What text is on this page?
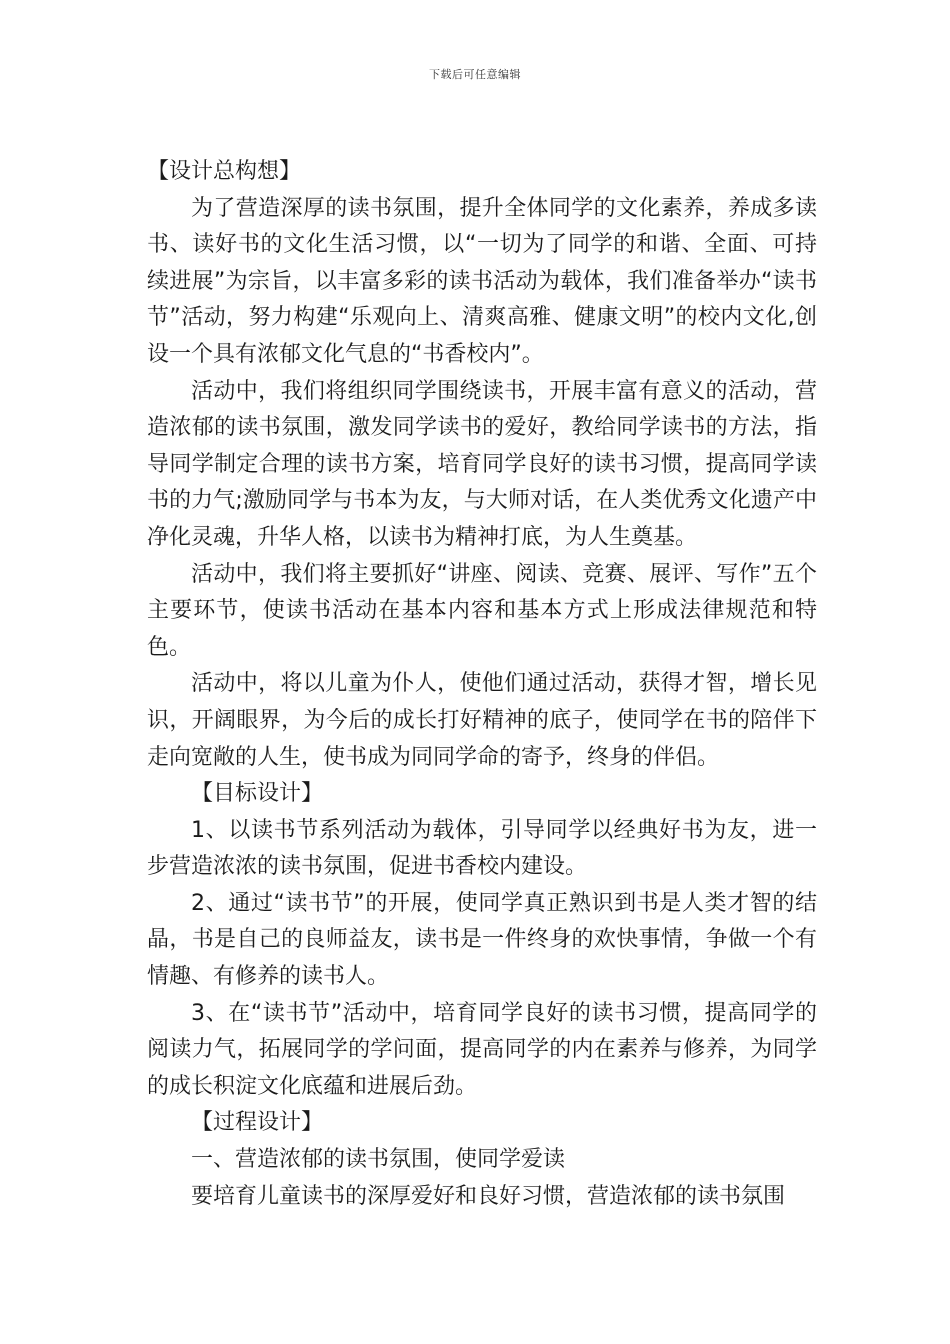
下载后可任意编辑

【设计总构想】

为了营造深厚的读书氛围，提升全体同学的文化素养，养成多读书、读好书的文化生活习惯，以“一切为了同学的和谐、全面、可持续进展”为宗旨，以丰富多彩的读书活动为载体，我们准备举办“读书节”活动，努力构建“乐观向上、清爽高雅、健康文明”的校内文化,创设一个具有浓郁文化气息的“书香校内”。

活动中，我们将组织同学围绕读书，开展丰富有意义的活动，营造浓郁的读书氛围，激发同学读书的爱好，教给同学读书的方法，指导同学制定合理的读书方案，培育同学良好的读书习惯，提高同学读书的力气;激励同学与书本为友，与大师对话，在人类优秀文化遗产中净化灵魂，升华人格，以读书为精神打底，为人生奠基。

活动中，我们将主要抓好“讲座、阅读、竞赛、展评、写作”五个主要环节，使读书活动在基本内容和基本方式上形成法律规范和特色。

活动中，将以儿童为仆人，使他们通过活动，获得才智，增长见识，开阔眼界，为今后的成长打好精神的底子，使同学在书的陪伴下走向宽敞的人生，使书成为同同学命的寄予，终身的伴侣。

【目标设计】

1、以读书节系列活动为载体，引导同学以经典好书为友，进一步营造浓浓的读书氛围，促进书香校内建设。

2、通过“读书节”的开展，使同学真正熟识到书是人类才智的结晶，书是自己的良师益友，读书是一件终身的欢快事情，争做一个有情趣、有修养的读书人。

3、在“读书节”活动中，培育同学良好的读书习惯，提高同学的阅读力气，拓展同学的学问面，提高同学的内在素养与修养，为同学的成长积淀文化底蕴和进展后劲。

【过程设计】

一、营造浓郁的读书氛围，使同学爱读

要培育儿童读书的深厚爱好和良好习惯，营造浓郁的读书氛围
